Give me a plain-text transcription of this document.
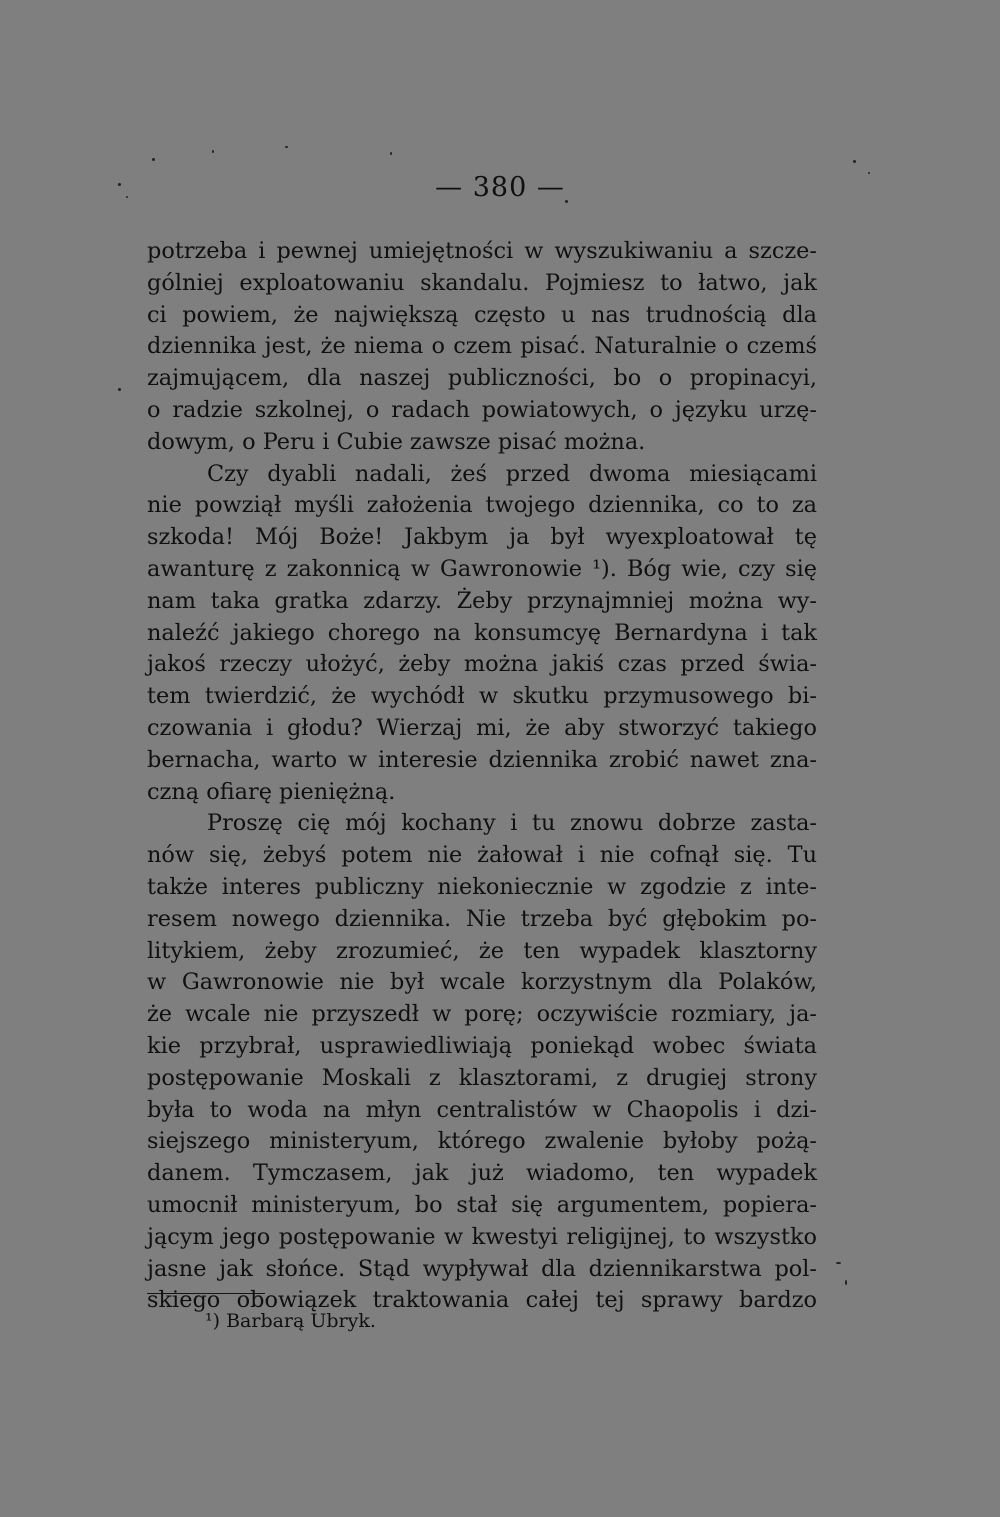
— 380 —
potrzeba i pewnej umiejętności w wyszukiwaniu a szcze-
gólniej exploatowaniu skandalu. Pojmiesz to łatwo, jak
ci powiem, że największą często u nas trudnością dla
dziennika jest, że niema o czem pisać. Naturalnie o czemś
zajmującem, dla naszej publiczności, bo o propinacyi,
o radzie szkolnej, o radach powiatowych, o języku urzę-
dowym, o Peru i Cubie zawsze pisać można.
Czy dyabli nadali, żeś przed dwoma miesiącami
nie powziął myśli założenia twojego dziennika, co to za
szkoda! Mój Boże! Jakbym ja był wyexploatował tę
awanturę z zakonnicą w Gawronowie ¹). Bóg wie, czy się
nam taka gratka zdarzy. Żeby przynajmniej można wy-
naleźć jakiego chorego na konsumcyę Bernardyna i tak
jakoś rzeczy ułożyć, żeby można jakiś czas przed świa-
tem twierdzić, że wychódł w skutku przymusowego bi-
czowania i głodu? Wierzaj mi, że aby stworzyć takiego
bernacha, warto w interesie dziennika zrobić nawet zna-
czną ofiarę pieniężną.
Proszę cię mój kochany i tu znowu dobrze zasta-
nów się, żebyś potem nie żałował i nie cofnął się. Tu
także interes publiczny niekoniecznie w zgodzie z inte-
resem nowego dziennika. Nie trzeba być głębokim po-
litykiem, żeby zrozumieć, że ten wypadek klasztorny
w Gawronowie nie był wcale korzystnym dla Polaków,
że wcale nie przyszedł w porę; oczywiście rozmiary, ja-
kie przybrał, usprawiedliwiają poniekąd wobec świata
postępowanie Moskali z klasztorami, z drugiej strony
była to woda na młyn centralistów w Chaopolis i dzi-
siejszego ministeryum, którego zwalenie byłoby pożą-
danem. Tymczasem, jak już wiadomo, ten wypadek
umocnił ministeryum, bo stał się argumentem, popiera-
jącym jego postępowanie w kwestyi religijnej, to wszystko
jasne jak słońce. Stąd wypływał dla dziennikarstwa pol-
skiego obowiązek traktowania całej tej sprawy bardzo
¹) Barbarą Ubryk.
